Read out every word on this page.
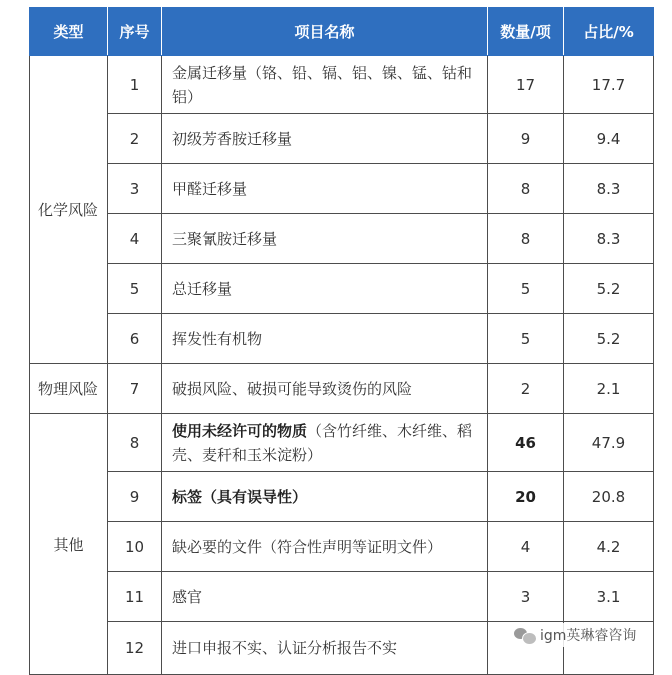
类型	序号	项目名称	数量/项	占比/%
化学风险	1	金属迁移量（铬、铅、镉、铝、镍、锰、钴和铝）	17	17.7
	2	初级芳香胺迁移量	9	9.4
	3	甲醛迁移量	8	8.3
	4	三聚氰胺迁移量	8	8.3
	5	总迁移量	5	5.2
	6	挥发性有机物	5	5.2
物理风险	7	破损风险、破损可能导致烫伤的风险	2	2.1
其他	8	使用未经许可的物质（含竹纤维、木纤维、稻壳、麦秆和玉米淀粉）	46	47.9
	9	标签（具有误导性）	20	20.8
	10	缺必要的文件（符合性声明等证明文件）	4	4.2
	11	感官	3	3.1
	12	进口申报不实、认证分析报告不实		
igm英琳睿咨询
